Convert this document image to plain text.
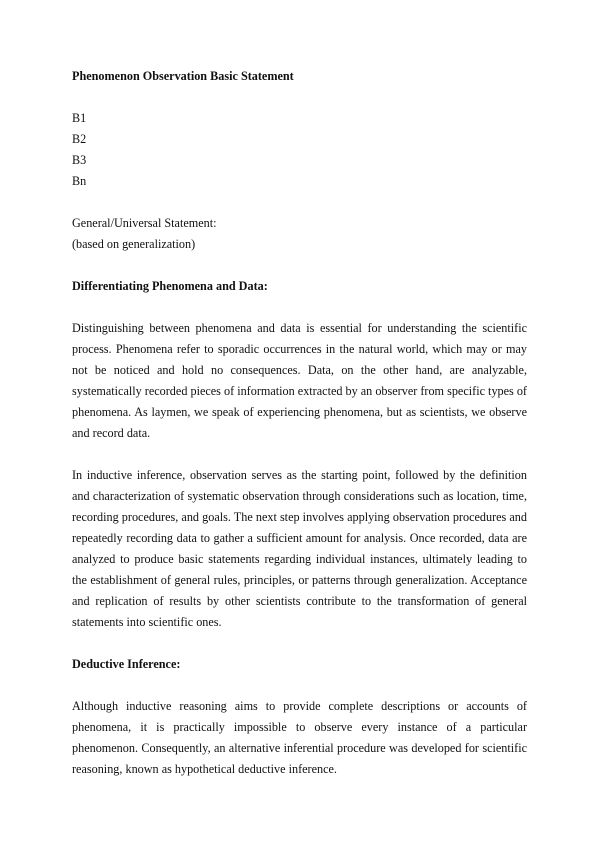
Phenomenon Observation Basic Statement

B1

B2

B3

Bn

General/Universal Statement:

(based on generalization)

Differentiating Phenomena and Data:

Distinguishing between phenomena and data is essential for understanding the scientific process. Phenomena refer to sporadic occurrences in the natural world, which may or may not be noticed and hold no consequences. Data, on the other hand, are analyzable, systematically recorded pieces of information extracted by an observer from specific types of phenomena. As laymen, we speak of experiencing phenomena, but as scientists, we observe and record data.

In inductive inference, observation serves as the starting point, followed by the definition and characterization of systematic observation through considerations such as location, time, recording procedures, and goals. The next step involves applying observation procedures and repeatedly recording data to gather a sufficient amount for analysis. Once recorded, data are analyzed to produce basic statements regarding individual instances, ultimately leading to the establishment of general rules, principles, or patterns through generalization. Acceptance and replication of results by other scientists contribute to the transformation of general statements into scientific ones.

Deductive Inference:

Although inductive reasoning aims to provide complete descriptions or accounts of phenomena, it is practically impossible to observe every instance of a particular phenomenon. Consequently, an alternative inferential procedure was developed for scientific reasoning, known as hypothetical deductive inference.
